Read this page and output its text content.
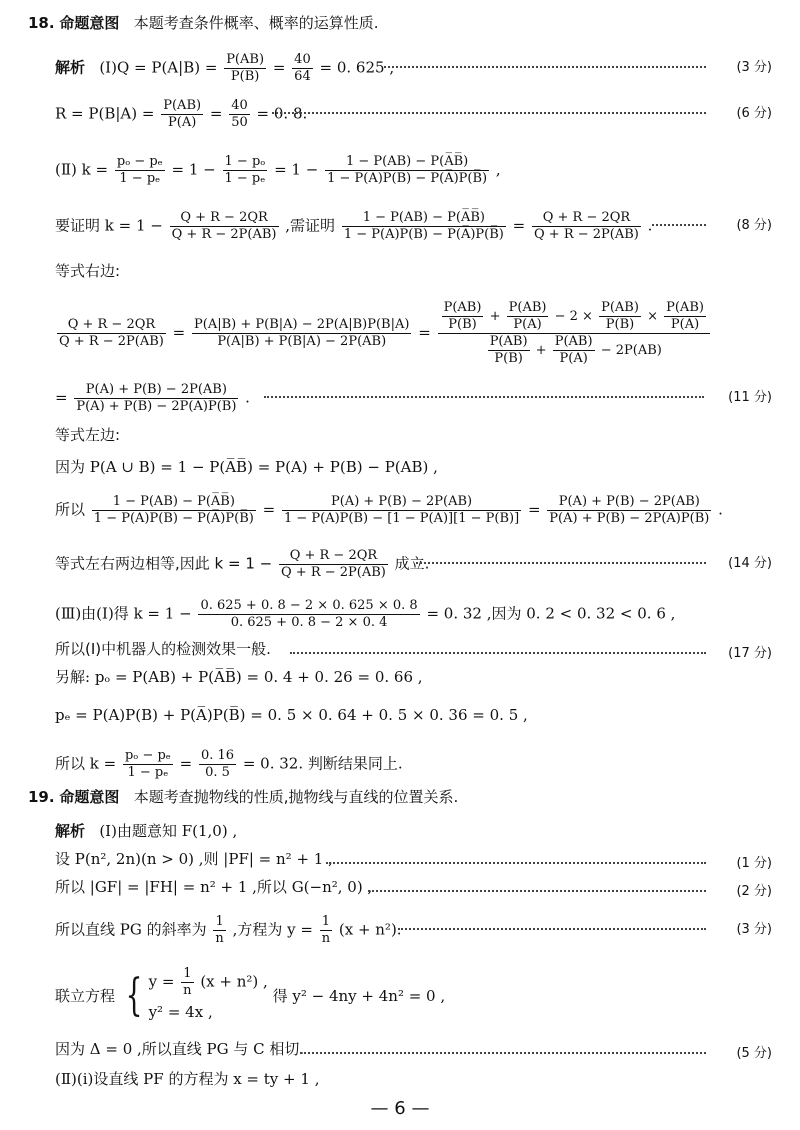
18. 命题意图 本题考查条件概率、概率的运算性质.
解析 (Ⅰ)Q = $P(A|B) = \frac{P(AB)}{P(B)} = \frac{40}{64} = 0$. 625 ,	(3 分)
$R = P(B|A) = \frac{P(AB)}{P(A)} = \frac{40}{50} = 0$. 8.	(6 分)
(Ⅱ) $k = \frac{\text{pₒ − pₑ}}{\text{1 − pₑ}} = 1 - \frac{\text{1 − pₒ}}{\text{1 − pₑ}} = 1 - \frac{1 - P(AB) - P(A̅B̅)}{1 - P(A)P(B) - P(A̅)P(B̅)}$ ,
要证明 $k = 1 - \frac{Q + R - 2QR}{Q + R - 2P(AB)}$ ,需证明 $\frac{1 - P(AB) - P(A̅B̅)}{1 - P(A)P(B) - P(A̅)P(B̅)} = \frac{Q + R - 2QR}{Q + R - 2P(AB)}$ .	(8 分)
等式右边:
$\frac{Q + R - 2QR}{Q + R - 2P(AB)} = \frac{P(A|B) + P(B|A) - 2P(A|B)P(B|A)}{P(A|B) + P(B|A) - 2P(AB)} = \frac{P(AB)}{P(B)} + \frac{P(AB)}{P(A)} - 2 \times \frac{P(AB)}{P(B)} \times \frac{P(AB)}{P(A)}$
$\frac{P(AB)}{P(B)} + \frac{P(AB)}{P(A)} - 2P(AB)$
= $\frac{P(A) + P(B) - 2P(AB)}{P(A) + P(B) - 2P(A)P(B)}$ .	(11 分)
等式左边:
因为 P(A ∪ B) = 1 − P(A̅B̅) = P(A) + P(B) − P(AB) ,
所以 $\frac{1 - P(AB) - P(A̅B̅)}{1 - P(A)P(B) - P(A̅)P(B̅)} = \frac{P(A) + P(B) - 2P(AB)}{1 - P(A)P(B) - [1 - P(A)][1 - P(B)]} = \frac{P(A) + P(B) - 2P(AB)}{P(A) + P(B) - 2P(A)P(B)}$ .
等式左右两边相等,因此 $k = 1 - \frac{Q + R - 2QR}{Q + R - 2P(AB)}$ 成立.	(14 分)
(Ⅲ)由(Ⅰ)得 $k = 1 - \frac{0. 625 + 0. 8 - 2 \times 0. 625 \times 0. 8}{0. 625 + 0. 8 - 2 \times 0. 4} = 0$. 32 ,因为 0. 2 < 0. 32 < 0. 6 ,
所以(Ⅰ)中机器人的检测效果一般.	(17 分)
另解: pₒ = P(AB) + P(A̅B̅) = 0. 4 + 0. 26 = 0. 66 ,
pₑ = P(A)P(B) + P(A̅)P(B̅) = 0. 5 × 0. 64 + 0. 5 × 0. 36 = 0. 5 ,
所以 $k = \frac{\text{pₒ − pₑ}}{\text{1 − pₑ}} = \frac{0. 16}{0. 5} = 0$. 32. 判断结果同上.
19. 命题意图 本题考查抛物线的性质,抛物线与直线的位置关系.
解析 (Ⅰ)由题意知 F(1,0) ,
设 P(n², 2n)(n > 0) ,则 |PF| = n² + 1 ,	(1 分)
所以 |GF| = |FH| = n² + 1 ,所以 G(−n², 0) ,	(2 分)
所以直线 PG 的斜率为 $\frac{1}{n}$ ,方程为 $y = \frac{1}{n} (x + n^2)$.	(3 分)
联立方程 { $y = \frac{1}{n} (x + n^2)$ ,
y² = 4x ,
得 y² − 4ny + 4n² = 0 ,
因为 Δ = 0 ,所以直线 PG 与 C 相切.	(5 分)
(Ⅱ)(ⅰ)设直线 PF 的方程为 x = ty + 1 ,
— 6 —
